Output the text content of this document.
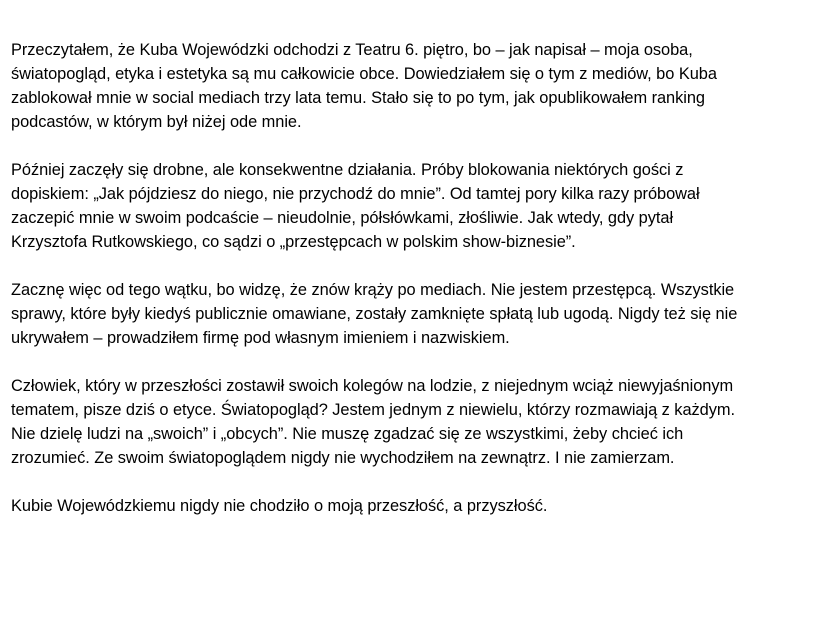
Przeczytałem, że Kuba Wojewódzki odchodzi z Teatru 6. piętro, bo – jak napisał – moja osoba,
światopogląd, etyka i estetyka są mu całkowicie obce. Dowiedziałem się o tym z mediów, bo Kuba
zablokował mnie w social mediach trzy lata temu. Stało się to po tym, jak opublikowałem ranking
podcastów, w którym był niżej ode mnie.

Później zaczęły się drobne, ale konsekwentne działania. Próby blokowania niektórych gości z
dopiskiem: „Jak pójdziesz do niego, nie przychodź do mnie”. Od tamtej pory kilka razy próbował
zaczepić mnie w swoim podcaście – nieudolnie, półsłówkami, złośliwie. Jak wtedy, gdy pytał
Krzysztofa Rutkowskiego, co sądzi o „przestępcach w polskim show-biznesie”.

Zacznę więc od tego wątku, bo widzę, że znów krąży po mediach. Nie jestem przestępcą. Wszystkie
sprawy, które były kiedyś publicznie omawiane, zostały zamknięte spłatą lub ugodą. Nigdy też się nie
ukrywałem – prowadziłem firmę pod własnym imieniem i nazwiskiem.

Człowiek, który w przeszłości zostawił swoich kolegów na lodzie, z niejednym wciąż niewyjaśnionym
tematem, pisze dziś o etyce. Światopogląd? Jestem jednym z niewielu, którzy rozmawiają z każdym.
Nie dzielę ludzi na „swoich” i „obcych”. Nie muszę zgadzać się ze wszystkimi, żeby chcieć ich
zrozumieć. Ze swoim światopoglądem nigdy nie wychodziłem na zewnątrz. I nie zamierzam.

Kubie Wojewódzkiemu nigdy nie chodziło o moją przeszłość, a przyszłość.
